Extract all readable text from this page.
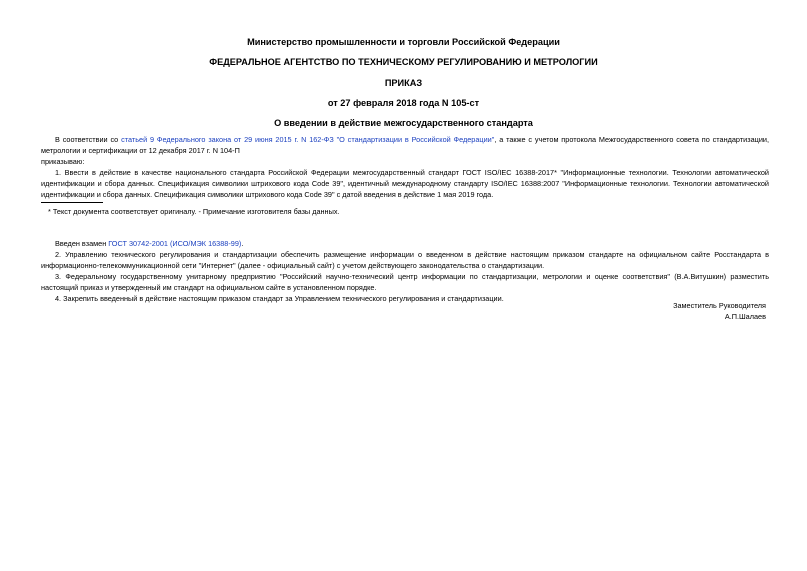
Министерство промышленности и торговли Российской Федерации
ФЕДЕРАЛЬНОЕ АГЕНТСТВО ПО ТЕХНИЧЕСКОМУ РЕГУЛИРОВАНИЮ И МЕТРОЛОГИИ
ПРИКАЗ
от 27 февраля 2018 года N 105-ст
О введении в действие межгосударственного стандарта
В соответствии со статьей 9 Федерального закона от 29 июня 2015 г. N 162-ФЗ "О стандартизации в Российской Федерации", а также с учетом протокола Межгосударственного совета по стандартизации, метрологии и сертификации от 12 декабря 2017 г. N 104-П
приказываю:
1. Ввести в действие в качестве национального стандарта Российской Федерации межгосударственный стандарт ГОСТ ISO/IEC 16388-2017* "Информационные технологии. Технологии автоматической идентификации и сбора данных. Спецификация символики штрихового кода Code 39", идентичный международному стандарту ISO/IEC 16388:2007 "Информационные технологии. Технологии автоматической идентификации и сбора данных. Спецификация символики штрихового кода Code 39" с датой введения в действие 1 мая 2019 года.
* Текст документа соответствует оригиналу. - Примечание изготовителя базы данных.
Введен взамен ГОСТ 30742-2001 (ИСО/МЭК 16388-99).
2. Управлению технического регулирования и стандартизации обеспечить размещение информации о введенном в действие настоящим приказом стандарте на официальном сайте Росстандарта в информационно-телекоммуникационной сети "Интернет" (далее - официальный сайт) с учетом действующего законодательства о стандартизации.
3. Федеральному государственному унитарному предприятию "Российский научно-технический центр информации по стандартизации, метрологии и оценке соответствия" (В.А.Витушкин) разместить настоящий приказ и утвержденный им стандарт на официальном сайте в установленном порядке.
4. Закрепить введенный в действие настоящим приказом стандарт за Управлением технического регулирования и стандартизации.
Заместитель Руководителя
А.П.Шалаев
